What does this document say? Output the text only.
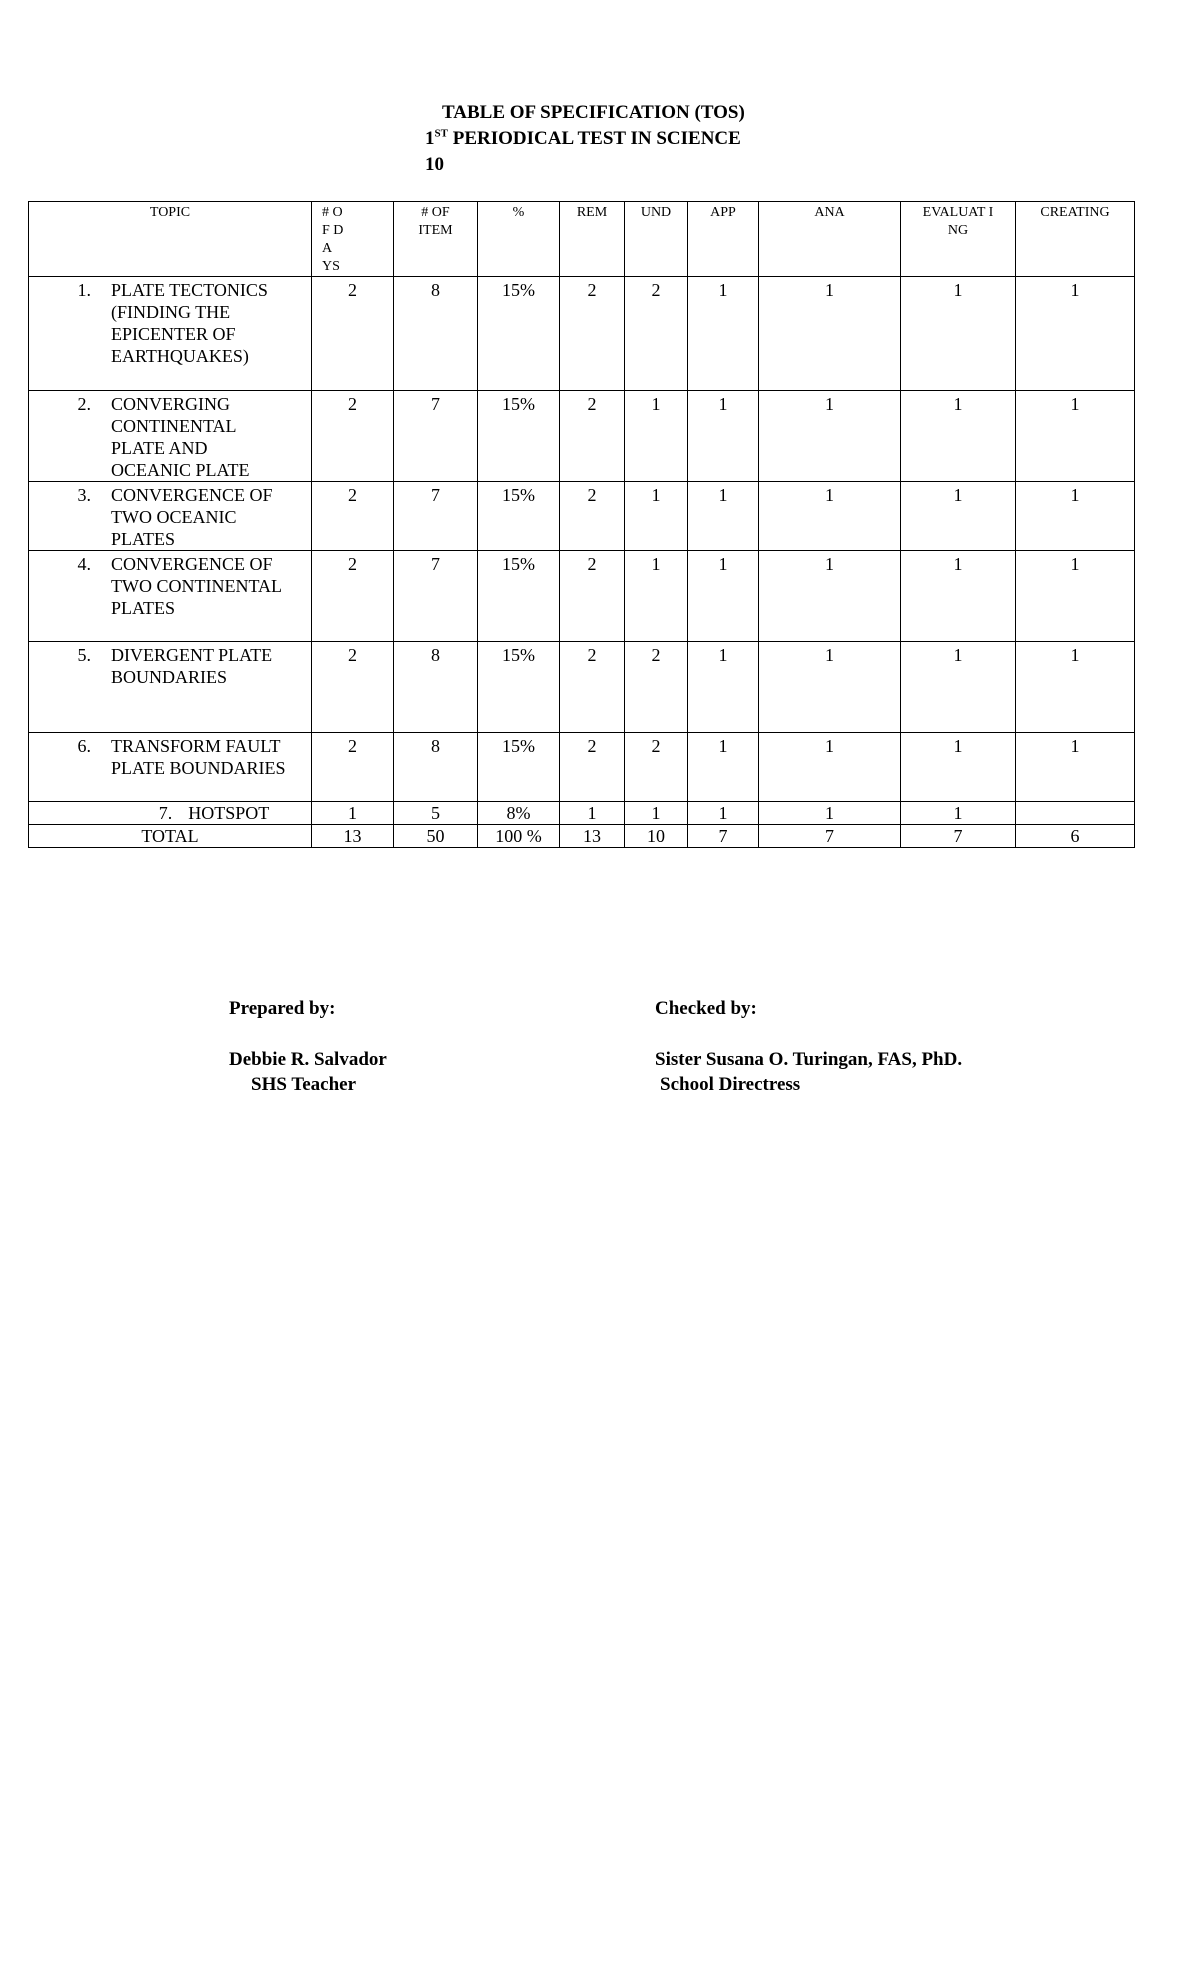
TABLE OF SPECIFICATION (TOS)
1ST PERIODICAL TEST IN SCIENCE
10
TOPIC	# OF DA YS	# OF ITEM	%	REM	UND	APP	ANA	EVALUAT ING	CREATING

1. PLATE TECTONICS (FINDING THE EPICENTER OF EARTHQUAKES)	2	8	15%	2	2	1	1	1	1

2. CONVERGING CONTINENTAL PLATE AND OCEANIC PLATE	2	7	15%	2	1	1	1	1	1

3. CONVERGENCE OF TWO OCEANIC PLATES	2	7	15%	2	1	1	1	1	1

4. CONVERGENCE OF TWO CONTINENTAL PLATES	2	7	15%	2	1	1	1	1	1

5. DIVERGENT PLATE BOUNDARIES	2	8	15%	2	2	1	1	1	1

6. TRANSFORM FAULT PLATE BOUNDARIES	2	8	15%	2	2	1	1	1	1

7. HOTSPOT	1	5	8%	1	1	1	1	1	
TOTAL	13	50	100 %	13	10	7	7	7	6
Prepared by:
Debbie R. Salvador
SHS Teacher
Checked by:
Sister Susana O. Turingan, FAS, PhD.
School Directress
